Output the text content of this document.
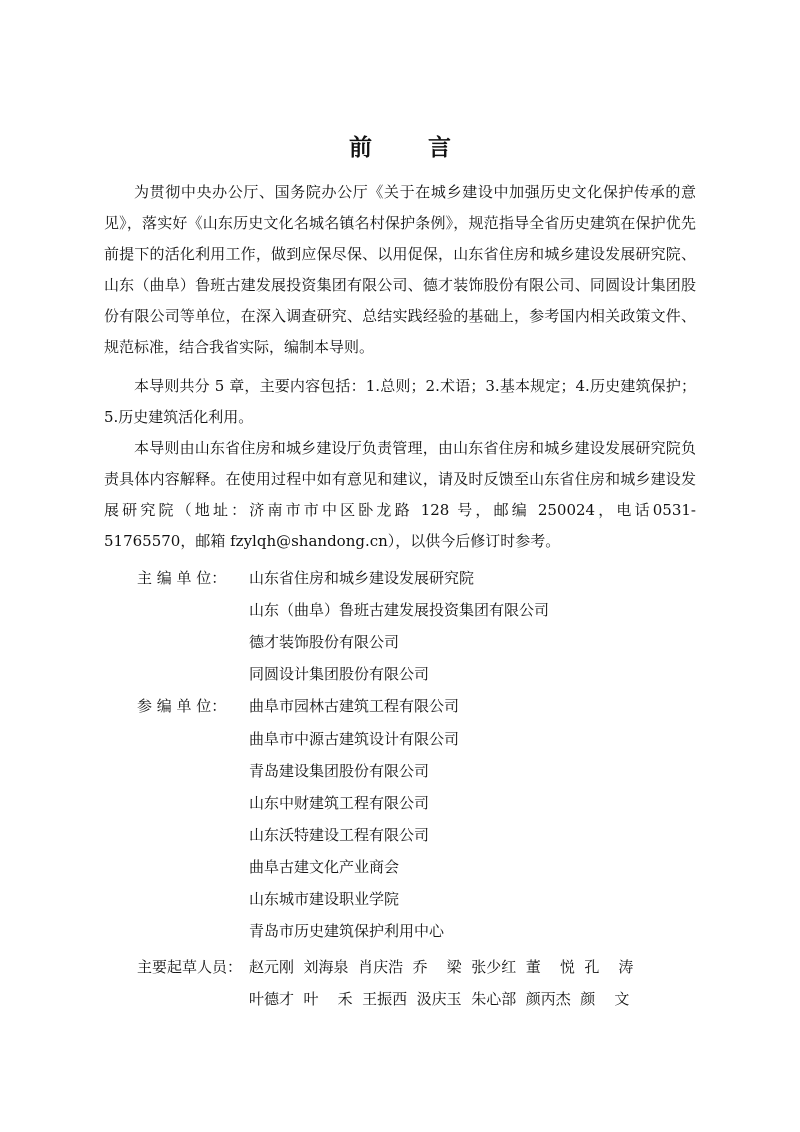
前 言

为贯彻中央办公厅、国务院办公厅《关于在城乡建设中加强历史文化保护传承的意见》，落实好《山东历史文化名城名镇名村保护条例》，规范指导全省历史建筑在保护优先前提下的活化利用工作，做到应保尽保、以用促保，山东省住房和城乡建设发展研究院、山东（曲阜）鲁班古建发展投资集团有限公司、德才装饰股份有限公司、同圆设计集团股份有限公司等单位，在深入调查研究、总结实践经验的基础上，参考国内相关政策文件、规范标准，结合我省实际，编制本导则。

本导则共分 5 章，主要内容包括：1.总则；2.术语；3.基本规定；4.历史建筑保护；5.历史建筑活化利用。

本导则由山东省住房和城乡建设厅负责管理，由山东省住房和城乡建设发展研究院负责具体内容解释。在使用过程中如有意见和建议，请及时反馈至山东省住房和城乡建设发展研究院（地址：济南市市中区卧龙路 128 号，邮编 250024，电话0531-51765570，邮箱 fzylqh@shandong.cn），以供今后修订时参考。

主 编 单 位： 山东省住房和城乡建设发展研究院
山东（曲阜）鲁班古建发展投资集团有限公司
德才装饰股份有限公司
同圆设计集团股份有限公司
参 编 单 位： 曲阜市园林古建筑工程有限公司
曲阜市中源古建筑设计有限公司
青岛建设集团股份有限公司
山东中财建筑工程有限公司
山东沃特建设工程有限公司
曲阜古建文化产业商会
山东城市建设职业学院
青岛市历史建筑保护利用中心
主要起草人员： 赵元刚  刘海泉  肖庆浩  乔    梁  张少红  董    悦  孔    涛
叶德才  叶    禾  王振西  汲庆玉  朱心部  颜丙杰  颜    文
